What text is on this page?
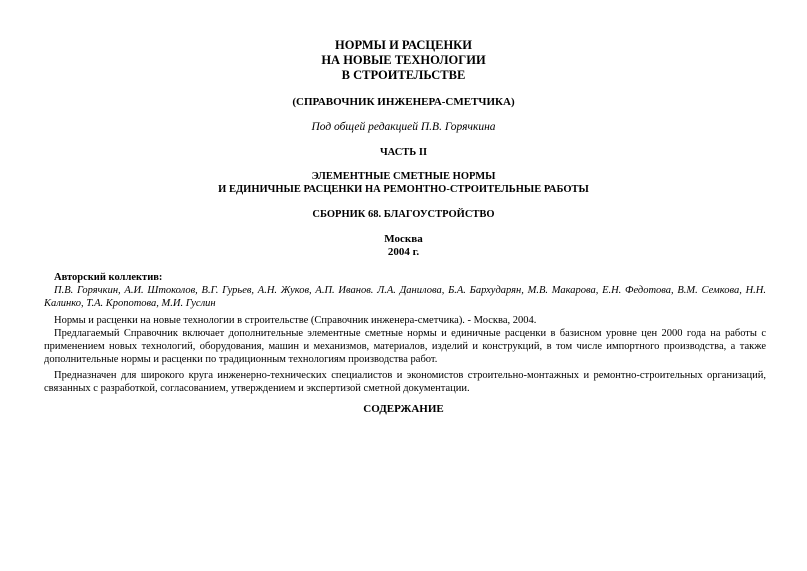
НОРМЫ И РАСЦЕНКИ
НА НОВЫЕ ТЕХНОЛОГИИ
В СТРОИТЕЛЬСТВЕ
(СПРАВОЧНИК ИНЖЕНЕРА-СМЕТЧИКА)
Под общей редакцией П.В. Горячкина
ЧАСТЬ II
ЭЛЕМЕНТНЫЕ СМЕТНЫЕ НОРМЫ
И ЕДИНИЧНЫЕ РАСЦЕНКИ НА РЕМОНТНО-СТРОИТЕЛЬНЫЕ РАБОТЫ
СБОРНИК 68. БЛАГОУСТРОЙСТВО
Москва
2004 г.
Авторский коллектив:
П.В. Горячкин, А.И. Штоколов, В.Г. Гурьев, А.Н. Жуков, А.П. Иванов. Л.А. Данилова, Б.А. Бархударян, М.В. Макарова, Е.Н. Федотова, В.М. Семкова, Н.Н. Калинко, Т.А. Кропотова, М.И. Гуслин
Нормы и расценки на новые технологии в строительстве (Справочник инженера-сметчика). - Москва, 2004.
Предлагаемый Справочник включает дополнительные элементные сметные нормы и единичные расценки в базисном уровне цен 2000 года на работы с применением новых технологий, оборудования, машин и механизмов, материалов, изделий и конструкций, в том числе импортного производства, а также дополнительные нормы и расценки по традиционным технологиям производства работ.
Предназначен для широкого круга инженерно-технических специалистов и экономистов строительно-монтажных и ремонтно-строительных организаций, связанных с разработкой, согласованием, утверждением и экспертизой сметной документации.
СОДЕРЖАНИЕ
